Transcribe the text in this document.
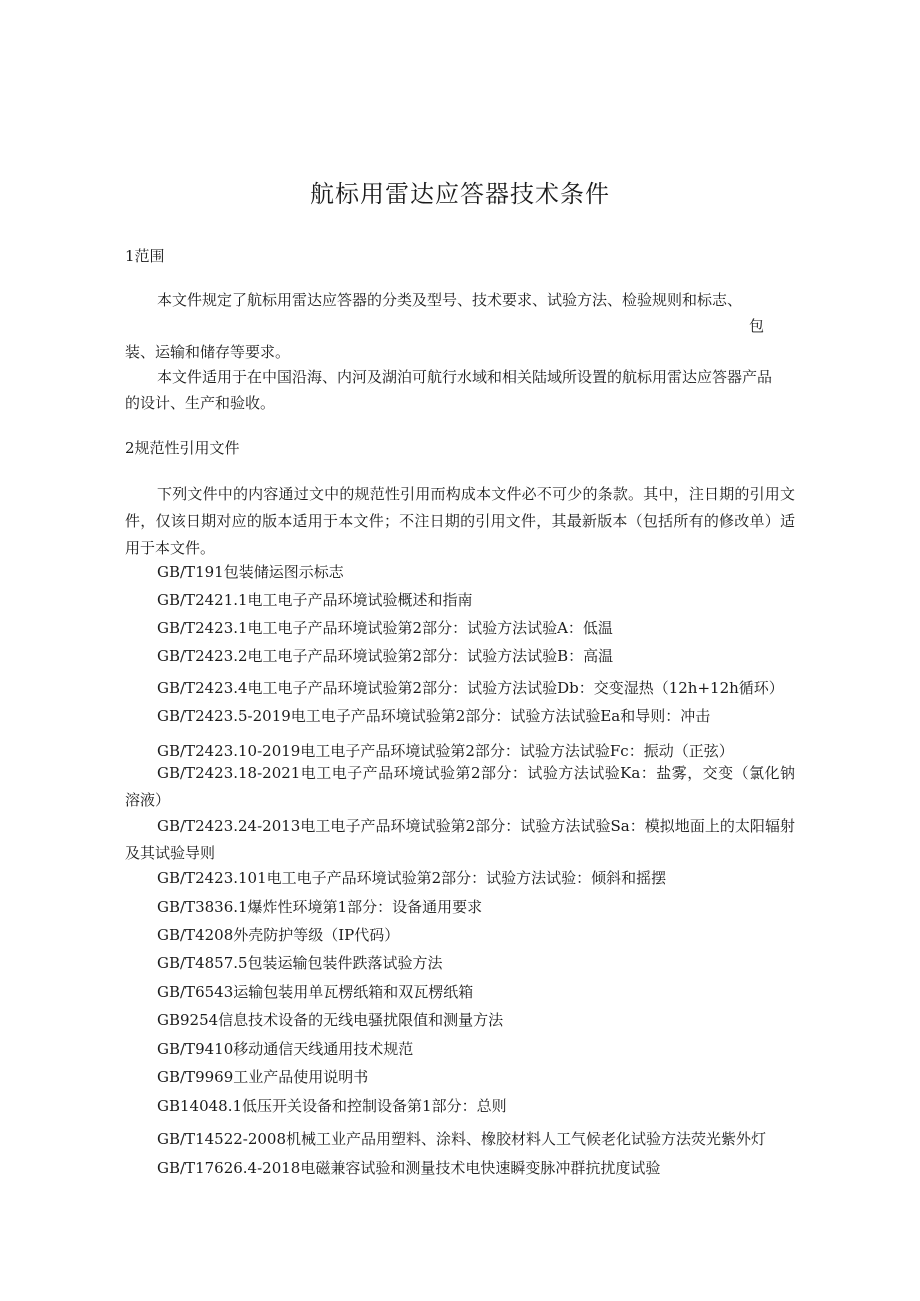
航标用雷达应答器技术条件
1范围
本文件规定了航标用雷达应答器的分类及型号、技术要求、试验方法、检验规则和标志、
包
装、运输和储存等要求。
本文件适用于在中国沿海、内河及湖泊可航行水域和相关陆域所设置的航标用雷达应答器产品
的设计、生产和验收。
2规范性引用文件
下列文件中的内容通过文中的规范性引用而构成本文件必不可少的条款。其中，注日期的引用文件，仅该日期对应的版本适用于本文件；不注日期的引用文件，其最新版本（包括所有的修改单）适用于本文件。
GB/T191包装储运图示标志
GB/T2421.1电工电子产品环境试验概述和指南
GB/T2423.1电工电子产品环境试验第2部分：试验方法试验A：低温
GB/T2423.2电工电子产品环境试验第2部分：试验方法试验B：高温
GB/T2423.4电工电子产品环境试验第2部分：试验方法试验Db：交变湿热（12h+12h循环）
GB/T2423.5-2019电工电子产品环境试验第2部分：试验方法试验Ea和导则：冲击
GB/T2423.10-2019电工电子产品环境试验第2部分：试验方法试验Fc：振动（正弦）
GB/T2423.18-2021电工电子产品环境试验第2部分：试验方法试验Ka：盐雾，交变（氯化钠溶液）
GB/T2423.24-2013电工电子产品环境试验第2部分：试验方法试验Sa：模拟地面上的太阳辐射及其试验导则
GB/T2423.101电工电子产品环境试验第2部分：试验方法试验：倾斜和摇摆
GB/T3836.1爆炸性环境第1部分：设备通用要求
GB/T4208外壳防护等级（IP代码）
GB/T4857.5包装运输包装件跌落试验方法
GB/T6543运输包装用单瓦楞纸箱和双瓦楞纸箱
GB9254信息技术设备的无线电骚扰限值和测量方法
GB/T9410移动通信天线通用技术规范
GB/T9969工业产品使用说明书
GB14048.1低压开关设备和控制设备第1部分：总则
GB/T14522-2008机械工业产品用塑料、涂料、橡胶材料人工气候老化试验方法荧光紫外灯
GB/T17626.4-2018电磁兼容试验和测量技术电快速瞬变脉冲群抗扰度试验
